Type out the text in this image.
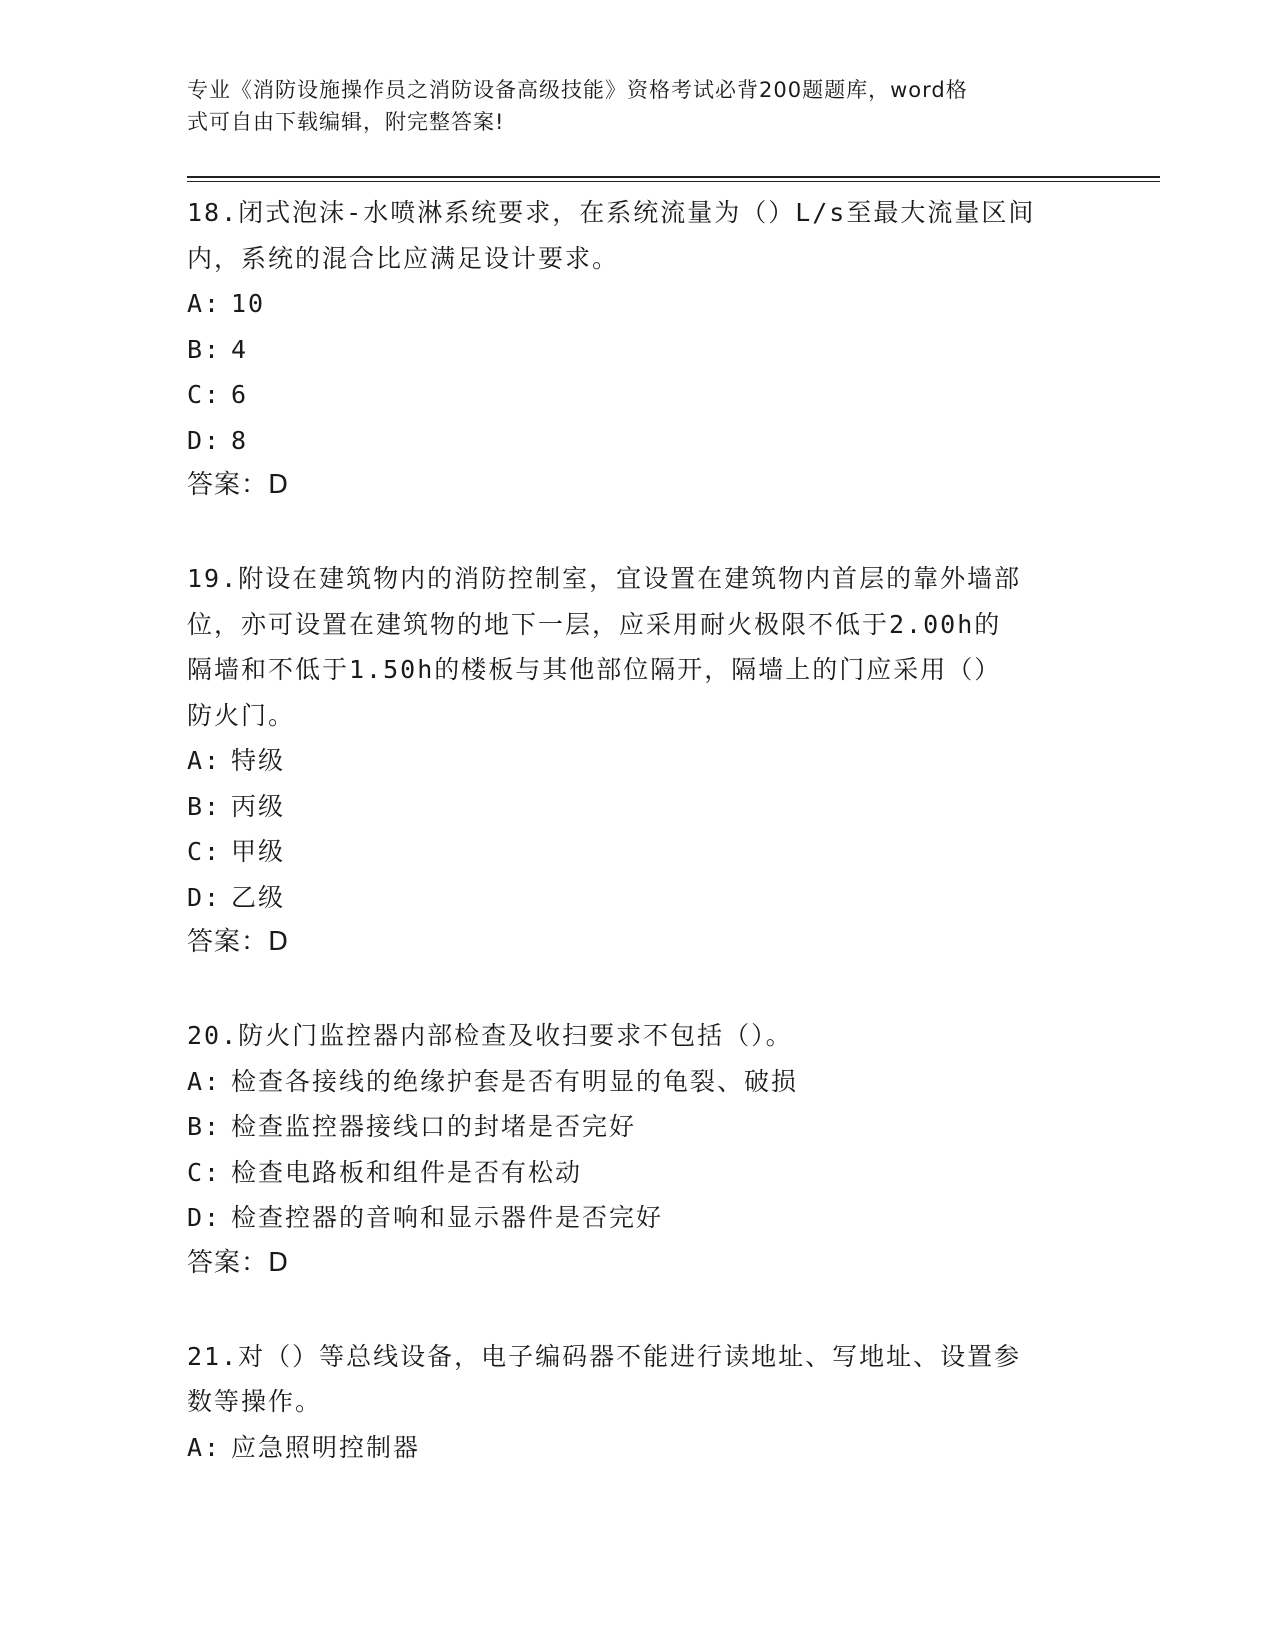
专业《消防设施操作员之消防设备高级技能》资格考试必背200题题库，word格
式可自由下载编辑，附完整答案!
18.闭式泡沫-水喷淋系统要求，在系统流量为（）L/s至最大流量区间
内，系统的混合比应满足设计要求。
A: 10
B: 4
C: 6
D: 8
答案：D
19.附设在建筑物内的消防控制室，宜设置在建筑物内首层的靠外墙部
位，亦可设置在建筑物的地下一层，应采用耐火极限不低于2.00h的
隔墙和不低于1.50h的楼板与其他部位隔开，隔墙上的门应采用（）
防火门。
A: 特级
B: 丙级
C: 甲级
D: 乙级
答案：D
20.防火门监控器内部检查及收扫要求不包括（）。
A: 检查各接线的绝缘护套是否有明显的龟裂、破损
B: 检查监控器接线口的封堵是否完好
C: 检查电路板和组件是否有松动
D: 检查控器的音响和显示器件是否完好
答案：D
21.对（）等总线设备，电子编码器不能进行读地址、写地址、设置参
数等操作。
A: 应急照明控制器
